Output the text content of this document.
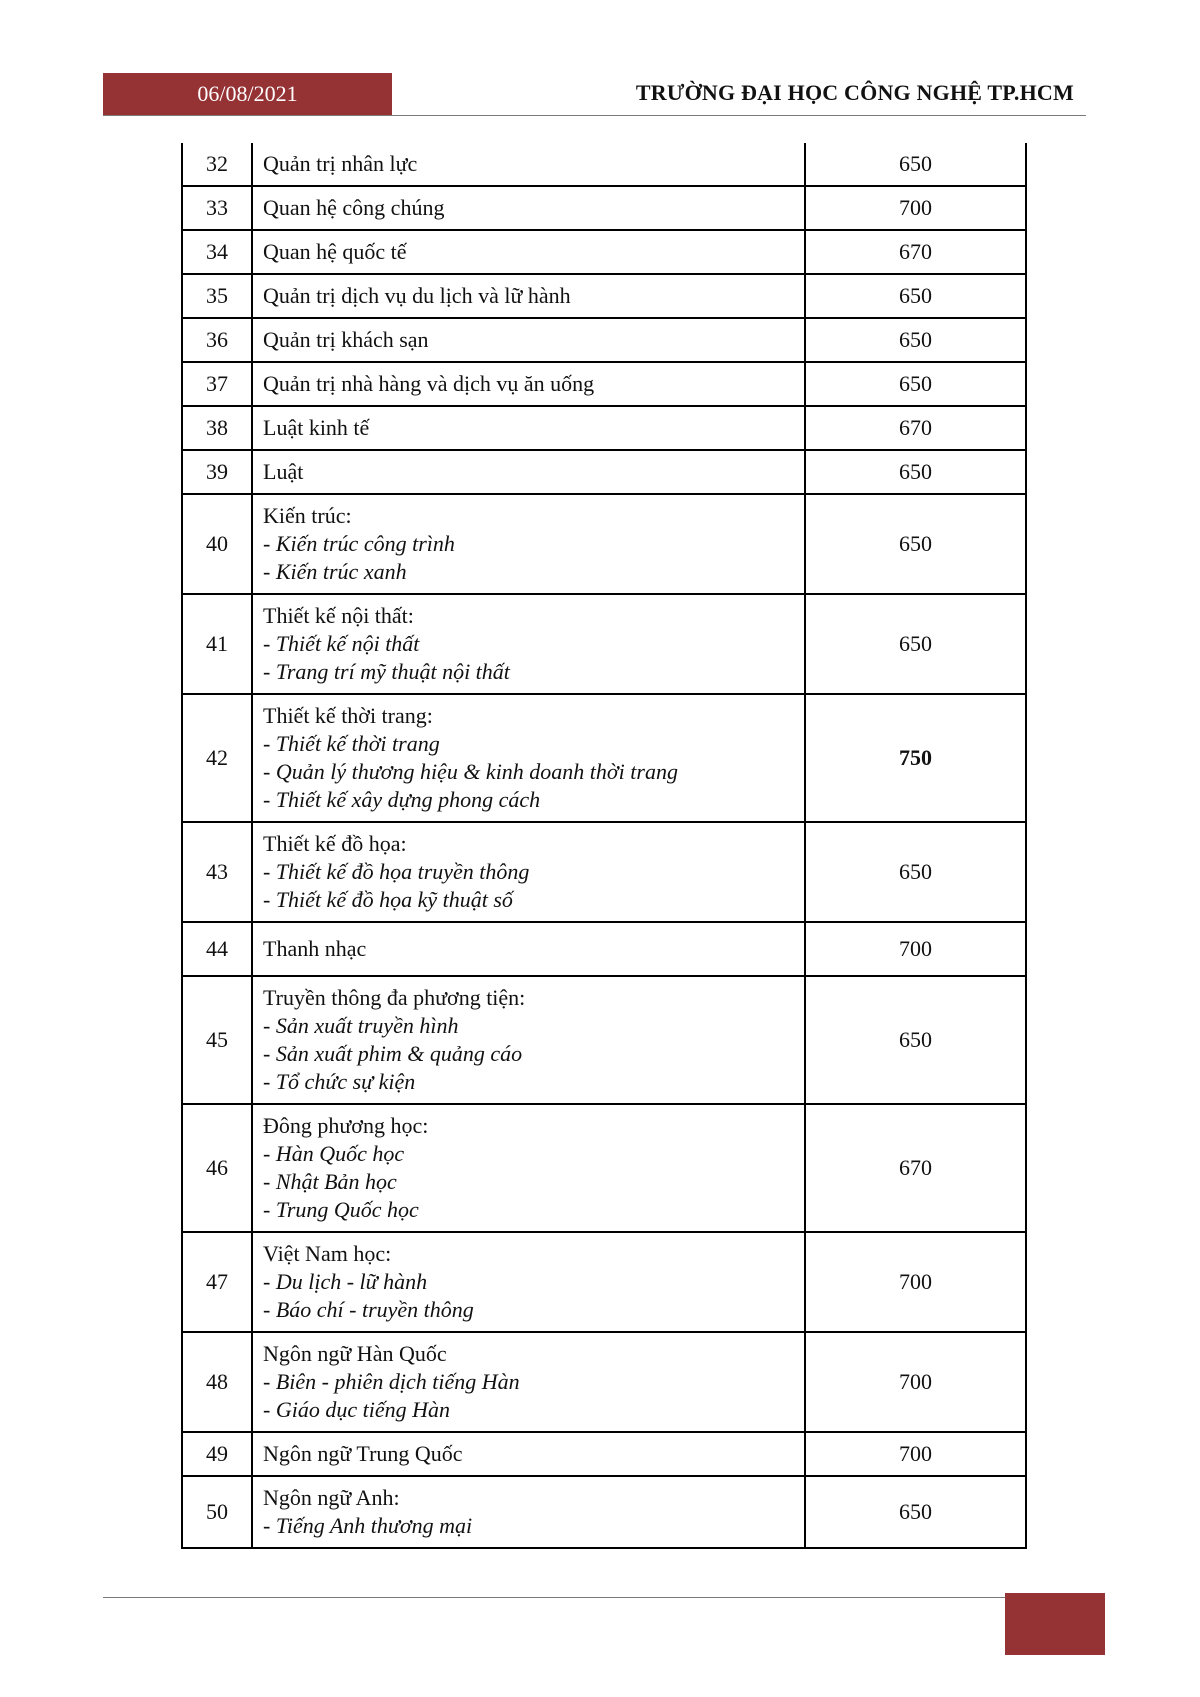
06/08/2021	TRƯỜNG ĐẠI HỌC CÔNG NGHỆ TP.HCM
32	Quản trị nhân lực	650
33	Quan hệ công chúng	700
34	Quan hệ quốc tế	670
35	Quản trị dịch vụ du lịch và lữ hành	650
36	Quản trị khách sạn	650
37	Quản trị nhà hàng và dịch vụ ăn uống	650
38	Luật kinh tế	670
39	Luật	650
40	Kiến trúc:
- Kiến trúc công trình
- Kiến trúc xanh	650
41	Thiết kế nội thất:
- Thiết kế nội thất
- Trang trí mỹ thuật nội thất	650
42	Thiết kế thời trang:
- Thiết kế thời trang
- Quản lý thương hiệu & kinh doanh thời trang
- Thiết kế xây dựng phong cách	750
43	Thiết kế đồ họa:
- Thiết kế đồ họa truyền thông
- Thiết kế đồ họa kỹ thuật số	650
44	Thanh nhạc	700
45	Truyền thông đa phương tiện:
- Sản xuất truyền hình
- Sản xuất phim & quảng cáo
- Tổ chức sự kiện	650
46	Đông phương học:
- Hàn Quốc học
- Nhật Bản học
- Trung Quốc học	670
47	Việt Nam học:
- Du lịch - lữ hành
- Báo chí - truyền thông	700
48	Ngôn ngữ Hàn Quốc
- Biên - phiên dịch tiếng Hàn
- Giáo dục tiếng Hàn	700
49	Ngôn ngữ Trung Quốc	700
50	Ngôn ngữ Anh:
- Tiếng Anh thương mại	650
